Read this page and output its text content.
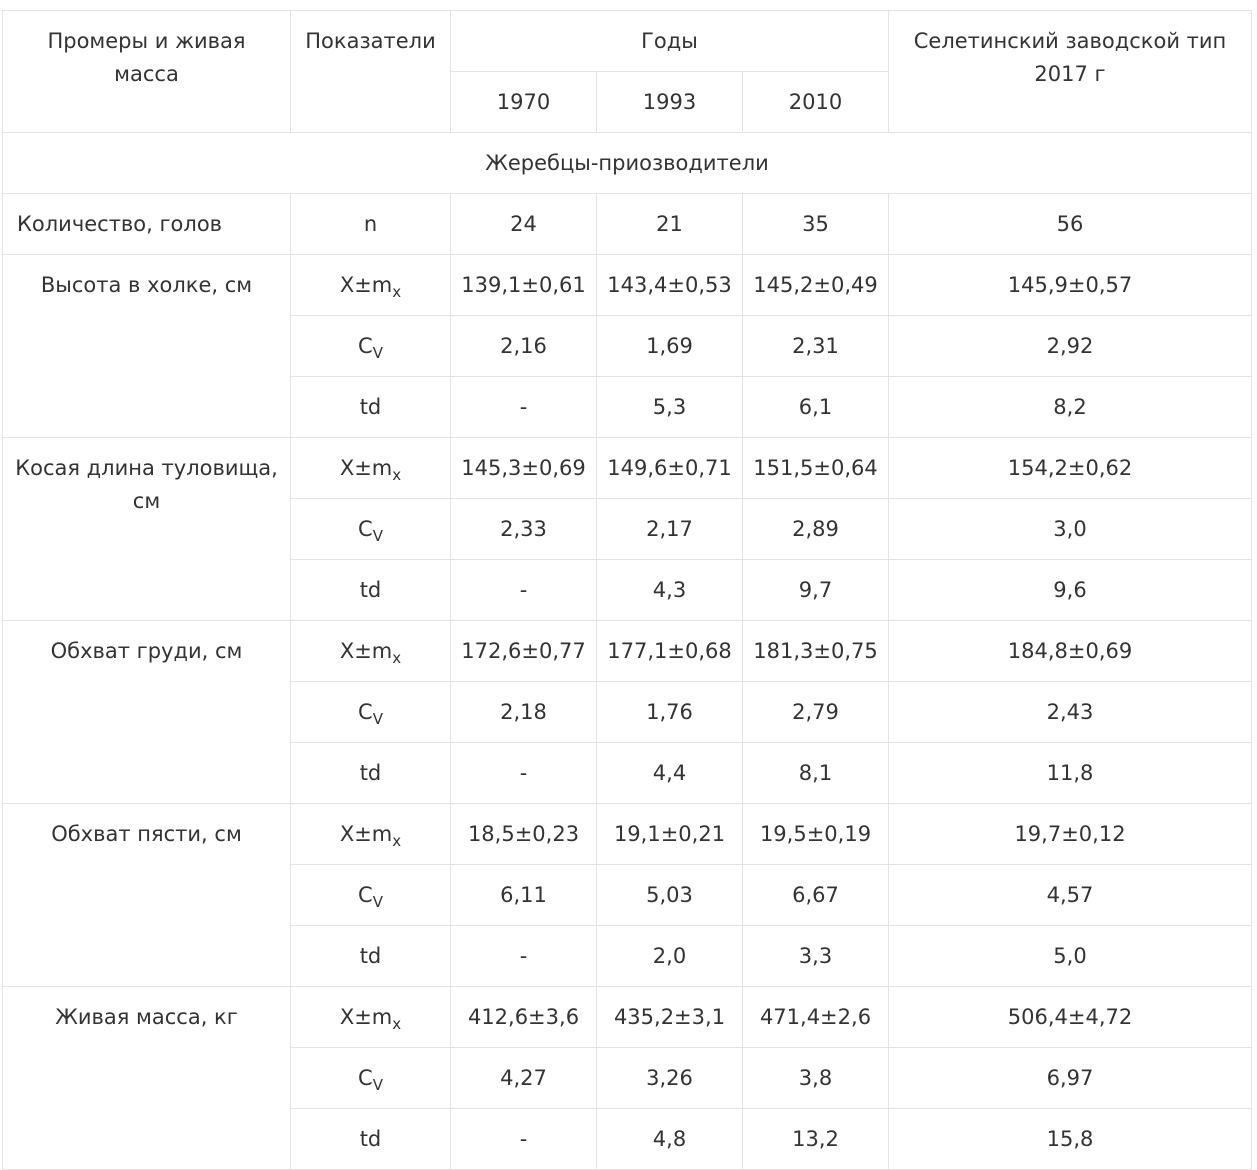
Промеры и живая масса	Показатели	Годы			Селетинский заводской тип 2017 г
		1970	1993	2010	
Жеребцы-приозводители					
Количество, голов	n	24	21	35	56
Высота в холке, см	$X\pm m_x$	139,1±0,61	143,4±0,53	145,2±0,49	145,9±0,57
	$C_V$	2,16	1,69	2,31	2,92
	td	-	5,3	6,1	8,2
Косая длина туловища, см	$X\pm m_x$	145,3±0,69	149,6±0,71	151,5±0,64	154,2±0,62
	$C_V$	2,33	2,17	2,89	3,0
	td	-	4,3	9,7	9,6
Обхват груди, см	$X\pm m_x$	172,6±0,77	177,1±0,68	181,3±0,75	184,8±0,69
	$C_V$	2,18	1,76	2,79	2,43
	td	-	4,4	8,1	11,8
Обхват пясти, см	$X\pm m_x$	18,5±0,23	19,1±0,21	19,5±0,19	19,7±0,12
	$C_V$	6,11	5,03	6,67	4,57
	td	-	2,0	3,3	5,0
Живая масса, кг	$X\pm m_x$	412,6±3,6	435,2±3,1	471,4±2,6	506,4±4,72
	$C_V$	4,27	3,26	3,8	6,97
	td	-	4,8	13,2	15,8
